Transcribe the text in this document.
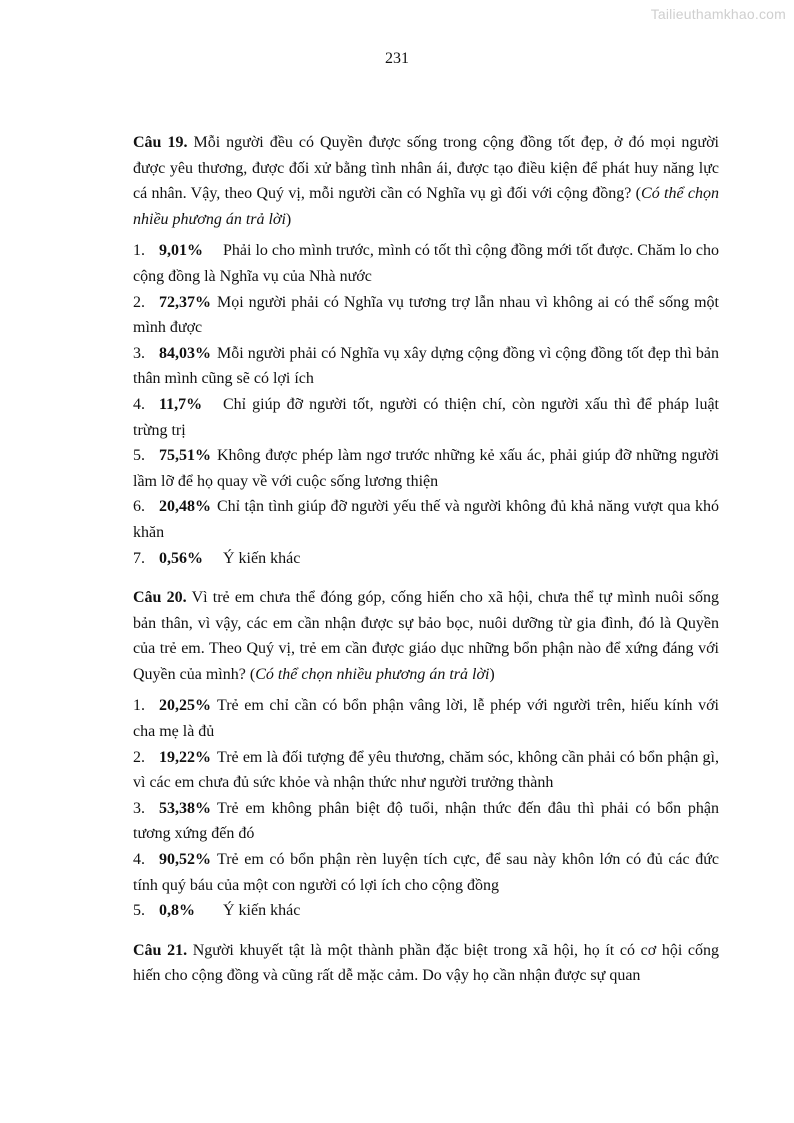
Tailieuthamkhao.com
231

Câu 19. Mỗi người đều có Quyền được sống trong cộng đồng tốt đẹp, ở đó mọi người được yêu thương, được đối xử bằng tình nhân ái, được tạo điều kiện để phát huy năng lực cá nhân. Vậy, theo Quý vị, mỗi người cần có Nghĩa vụ gì đối với cộng đồng? (Có thể chọn nhiều phương án trả lời)

1. 9,01% Phải lo cho mình trước, mình có tốt thì cộng đồng mới tốt được. Chăm lo cho cộng đồng là Nghĩa vụ của Nhà nước

2. 72,37% Mọi người phải có Nghĩa vụ tương trợ lẫn nhau vì không ai có thể sống một mình được

3. 84,03% Mỗi người phải có Nghĩa vụ xây dựng cộng đồng vì cộng đồng tốt đẹp thì bản thân mình cũng sẽ có lợi ích

4. 11,7% Chỉ giúp đỡ người tốt, người có thiện chí, còn người xấu thì để pháp luật trừng trị

5. 75,51% Không được phép làm ngơ trước những kẻ xấu ác, phải giúp đỡ những người lầm lỡ để họ quay về với cuộc sống lương thiện

6. 20,48% Chỉ tận tình giúp đỡ người yếu thế và người không đủ khả năng vượt qua khó khăn

7. 0,56% Ý kiến khác

Câu 20. Vì trẻ em chưa thể đóng góp, cống hiến cho xã hội, chưa thể tự mình nuôi sống bản thân, vì vậy, các em cần nhận được sự bảo bọc, nuôi dưỡng từ gia đình, đó là Quyền của trẻ em. Theo Quý vị, trẻ em cần được giáo dục những bổn phận nào để xứng đáng với Quyền của mình? (Có thể chọn nhiều phương án trả lời)

1. 20,25% Trẻ em chỉ cần có bổn phận vâng lời, lễ phép với người trên, hiếu kính với cha mẹ là đủ

2. 19,22% Trẻ em là đối tượng để yêu thương, chăm sóc, không cần phải có bổn phận gì, vì các em chưa đủ sức khỏe và nhận thức như người trưởng thành

3. 53,38% Trẻ em không phân biệt độ tuổi, nhận thức đến đâu thì phải có bổn phận tương xứng đến đó

4. 90,52% Trẻ em có bổn phận rèn luyện tích cực, để sau này khôn lớn có đủ các đức tính quý báu của một con người có lợi ích cho cộng đồng

5. 0,8% Ý kiến khác

Câu 21. Người khuyết tật là một thành phần đặc biệt trong xã hội, họ ít có cơ hội cống hiến cho cộng đồng và cũng rất dễ mặc cảm. Do vậy họ cần nhận được sự quan
